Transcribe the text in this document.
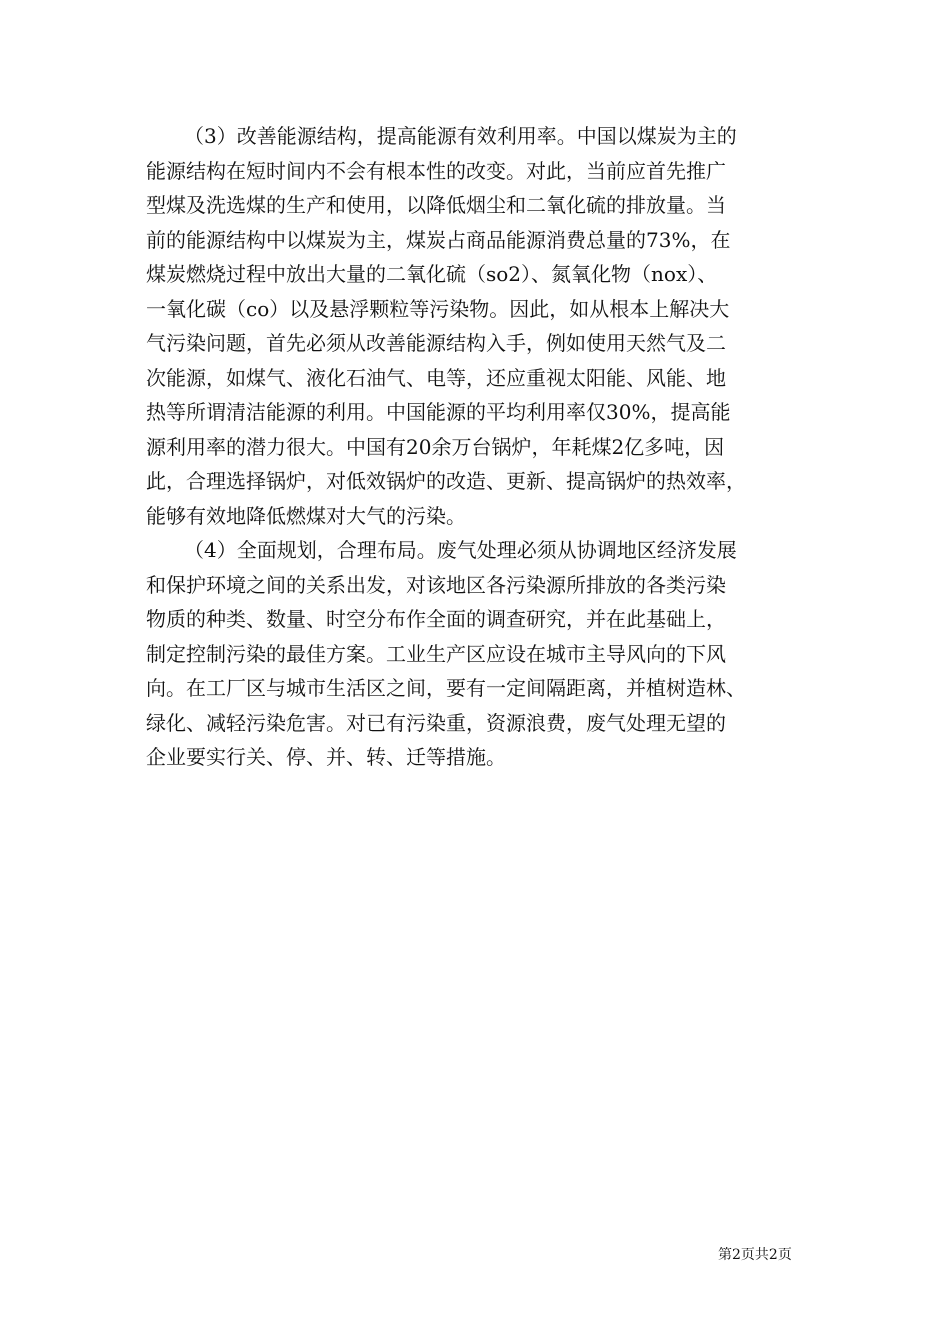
（3）改善能源结构，提高能源有效利用率。中国以煤炭为主的
能源结构在短时间内不会有根本性的改变。对此，当前应首先推广
型煤及洗选煤的生产和使用，以降低烟尘和二氧化硫的排放量。当
前的能源结构中以煤炭为主，煤炭占商品能源消费总量的73%，在
煤炭燃烧过程中放出大量的二氧化硫（so2）、氮氧化物（nox）、
一氧化碳（co）以及悬浮颗粒等污染物。因此，如从根本上解决大
气污染问题，首先必须从改善能源结构入手，例如使用天然气及二
次能源，如煤气、液化石油气、电等，还应重视太阳能、风能、地
热等所谓清洁能源的利用。中国能源的平均利用率仅30%，提高能
源利用率的潜力很大。中国有20余万台锅炉，年耗煤2亿多吨，因
此，合理选择锅炉，对低效锅炉的改造、更新、提高锅炉的热效率，
能够有效地降低燃煤对大气的污染。
（4）全面规划，合理布局。废气处理必须从协调地区经济发展
和保护环境之间的关系出发，对该地区各污染源所排放的各类污染
物质的种类、数量、时空分布作全面的调查研究，并在此基础上，
制定控制污染的最佳方案。工业生产区应设在城市主导风向的下风
向。在工厂区与城市生活区之间，要有一定间隔距离，并植树造林、
绿化、减轻污染危害。对已有污染重，资源浪费，废气处理无望的
企业要实行关、停、并、转、迁等措施。
第2页共2页
